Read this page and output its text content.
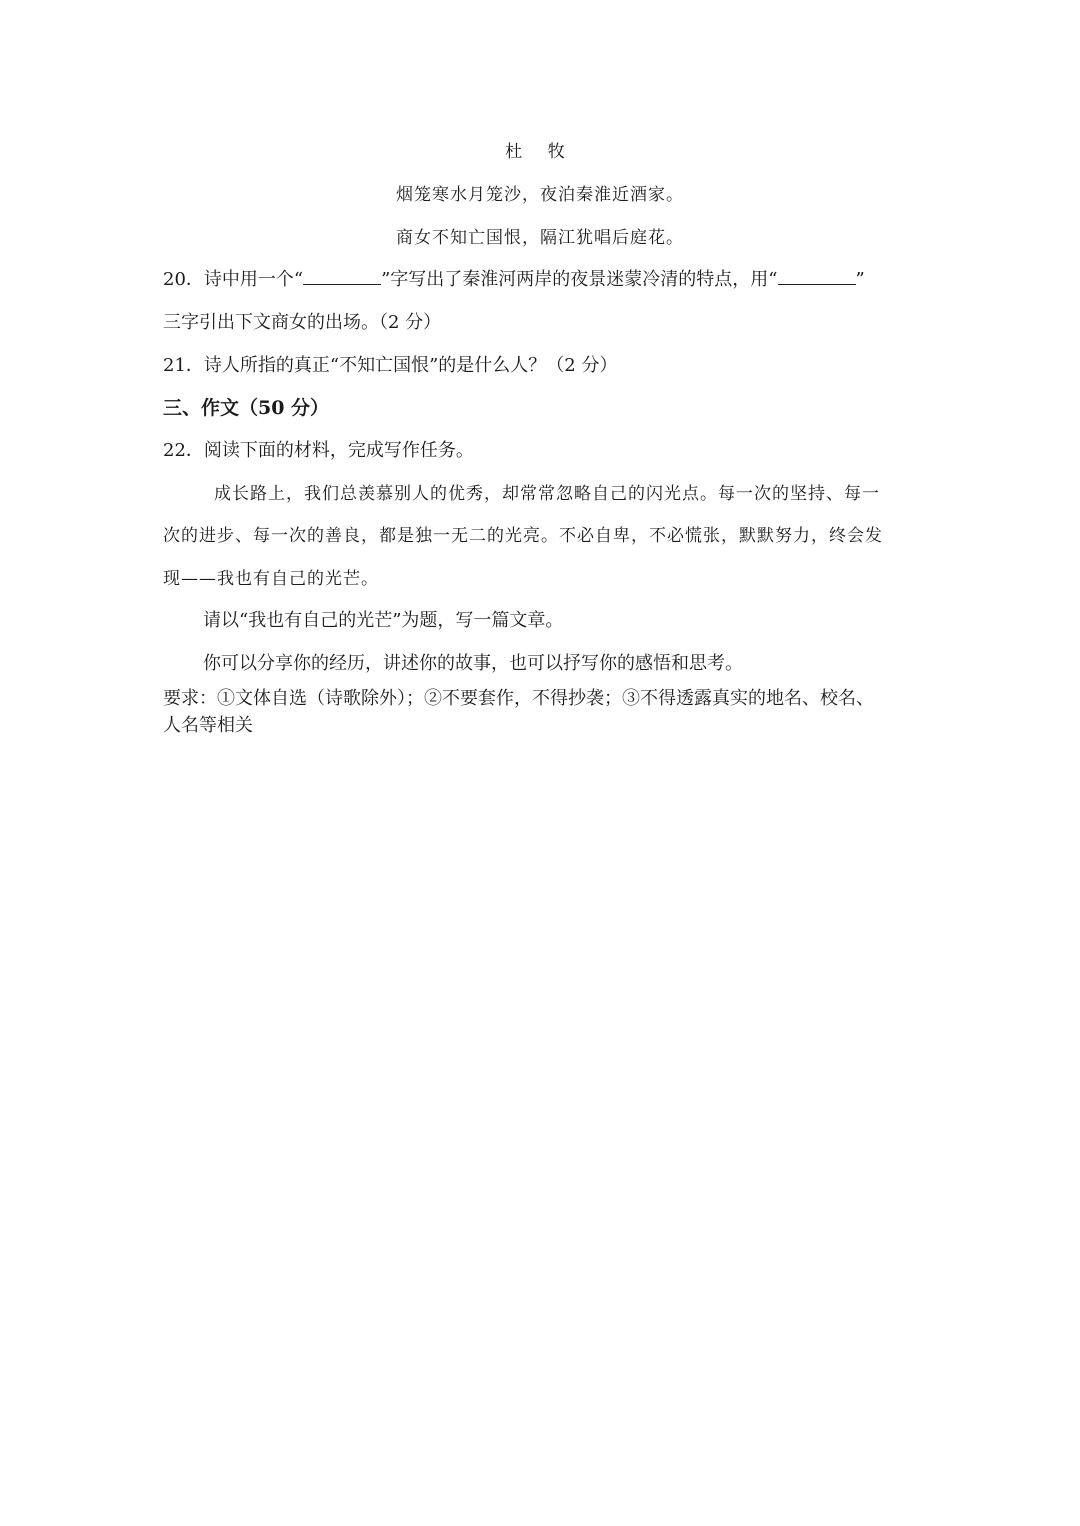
杜 牧
烟笼寒水月笼沙，夜泊秦淮近酒家。
商女不知亡国恨，隔江犹唱后庭花。
20．诗中用一个“	”字写出了秦淮河两岸的夜景迷蒙冷清的特点，用“	”
三字引出下文商女的出场。（2 分）
21．诗人所指的真正“不知亡国恨”的是什么人？（2 分）
三、作文（50 分）
22．阅读下面的材料，完成写作任务。
成长路上，我们总羡慕别人的优秀，却常常忽略自己的闪光点。每一次的坚持、每一
次的进步、每一次的善良，都是独一无二的光亮。不必自卑，不必慌张，默默努力，终会发
现——我也有自己的光芒。
请以“我也有自己的光芒”为题，写一篇文章。
你可以分享你的经历，讲述你的故事，也可以抒写你的感悟和思考。
要求：①文体自选（诗歌除外）；②不要套作，不得抄袭；③不得透露真实的地名、校名、
人名等相关
